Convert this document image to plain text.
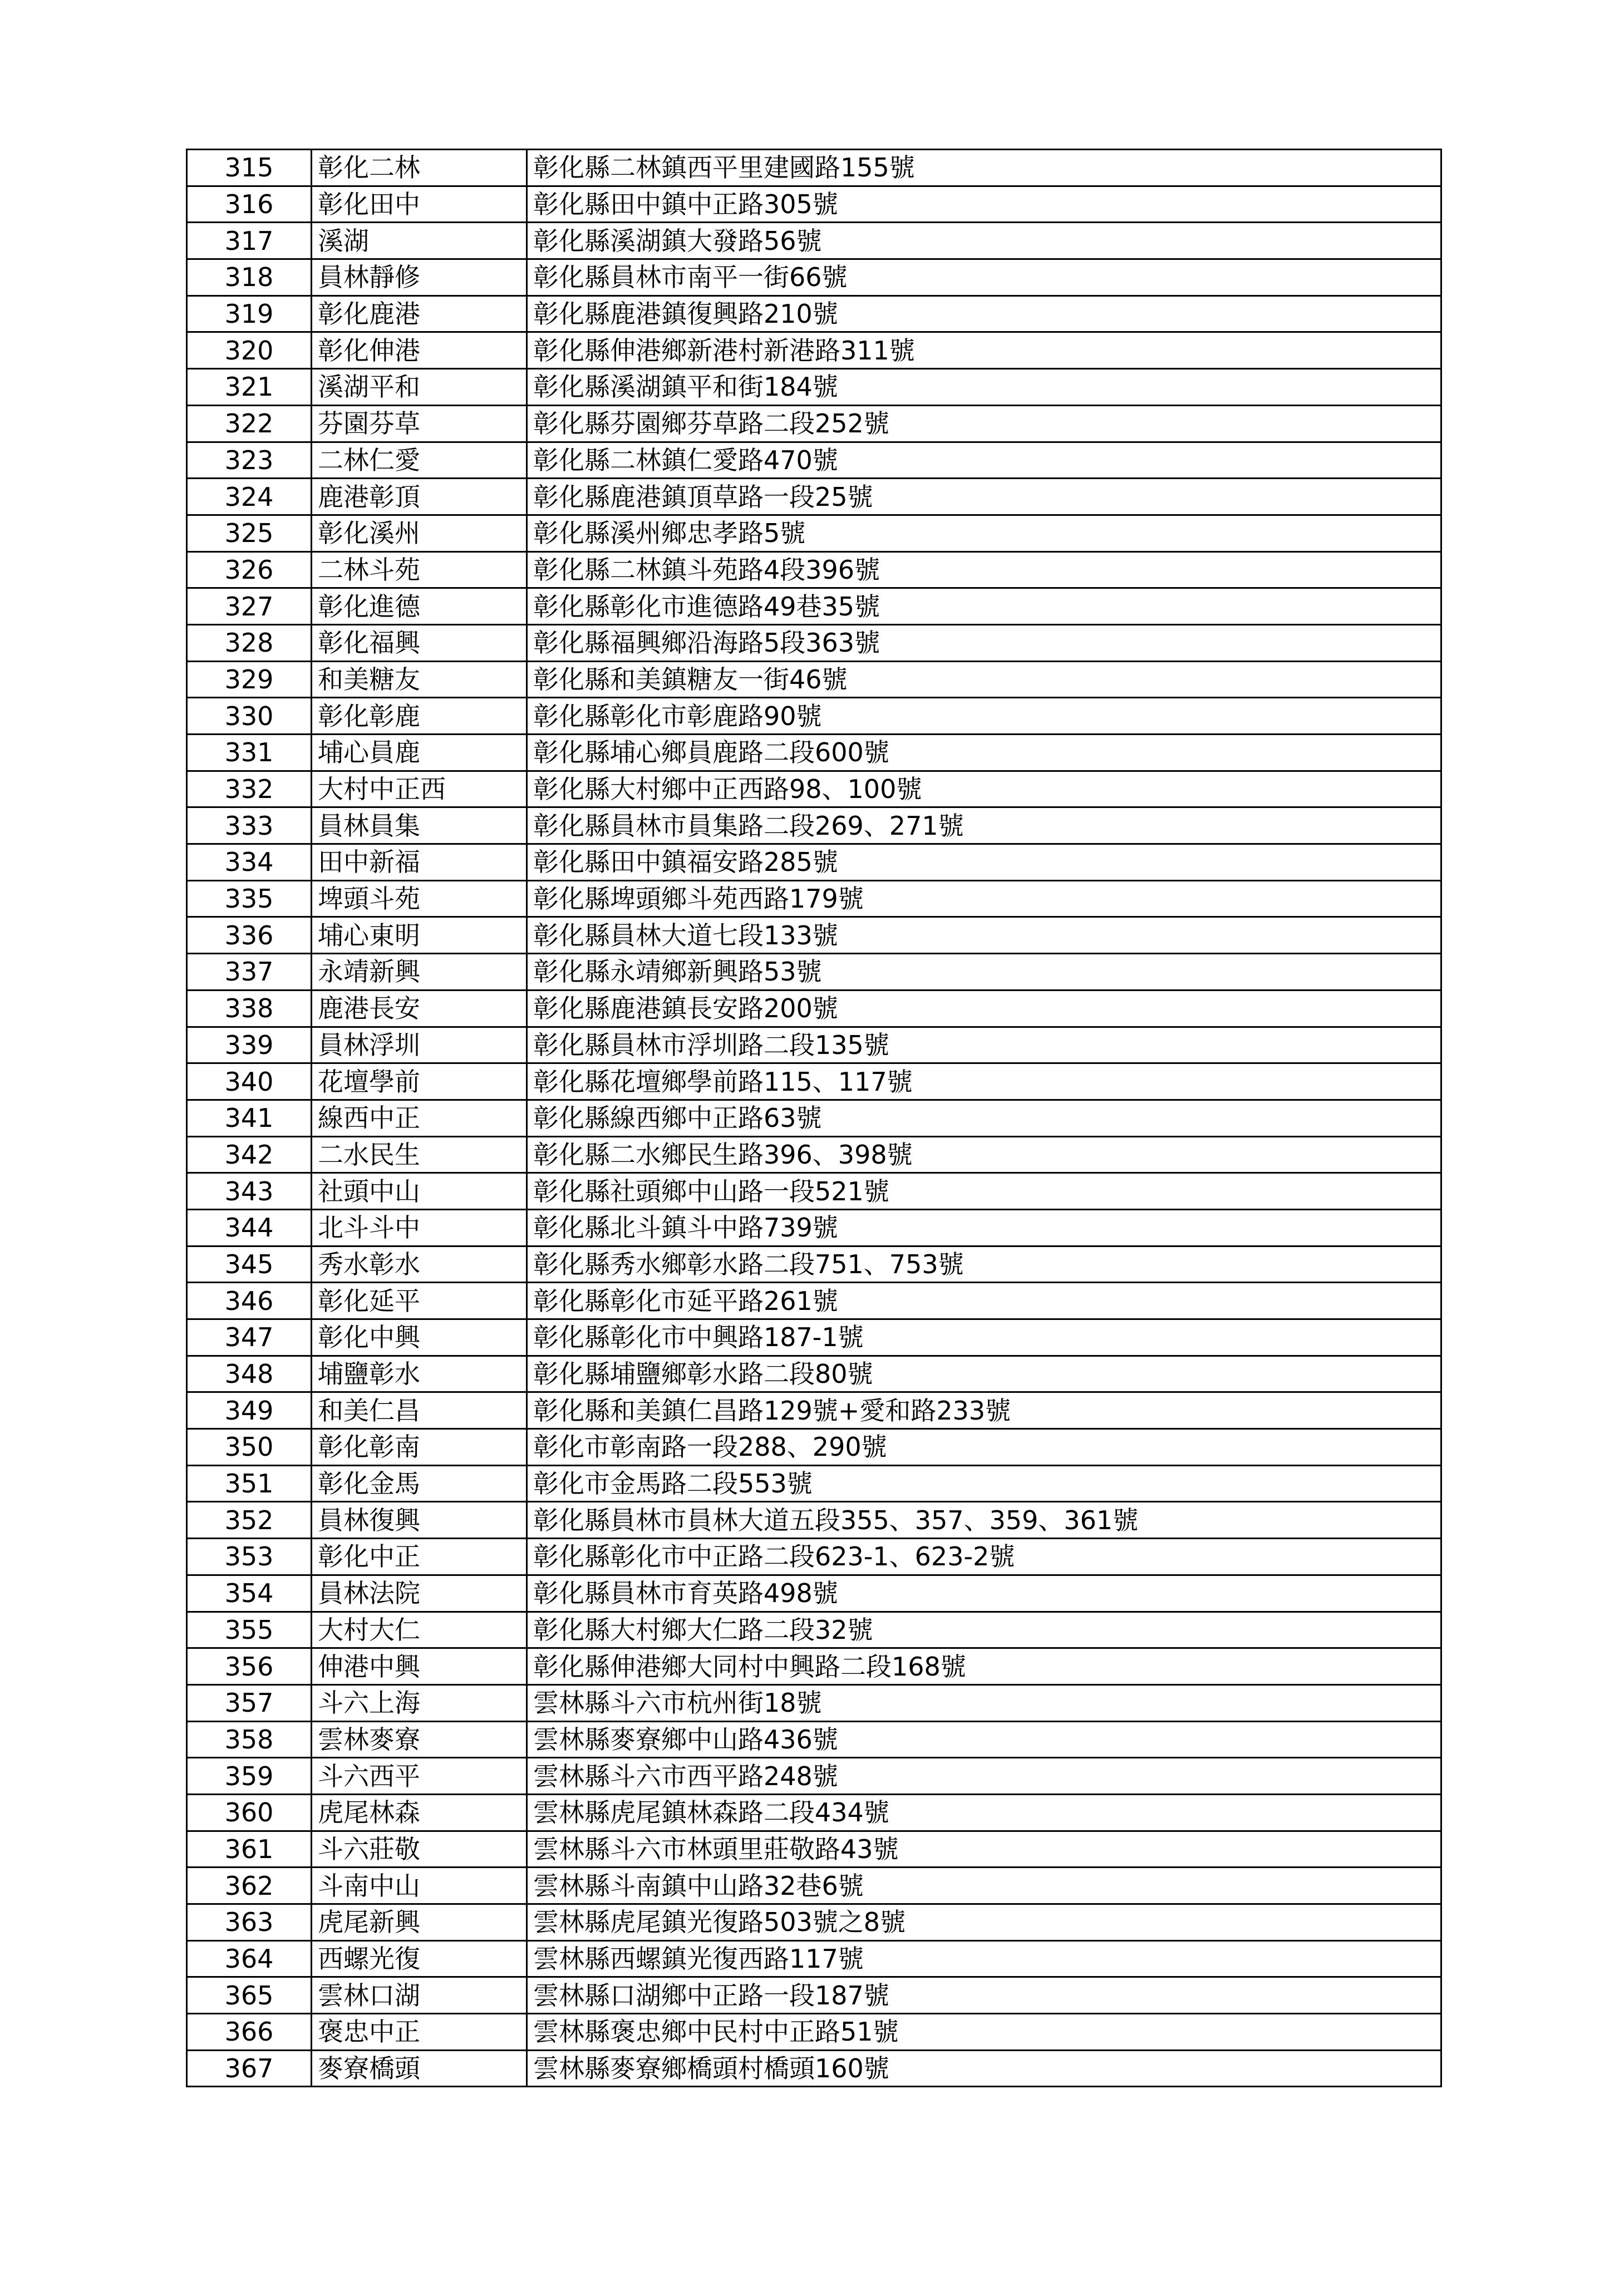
315	彰化二林	彰化縣二林鎮西平里建國路155號
316	彰化田中	彰化縣田中鎮中正路305號
317	溪湖	彰化縣溪湖鎮大發路56號
318	員林靜修	彰化縣員林市南平一街66號
319	彰化鹿港	彰化縣鹿港鎮復興路210號
320	彰化伸港	彰化縣伸港鄉新港村新港路311號
321	溪湖平和	彰化縣溪湖鎮平和街184號
322	芬園芬草	彰化縣芬園鄉芬草路二段252號
323	二林仁愛	彰化縣二林鎮仁愛路470號
324	鹿港彰頂	彰化縣鹿港鎮頂草路一段25號
325	彰化溪州	彰化縣溪州鄉忠孝路5號
326	二林斗苑	彰化縣二林鎮斗苑路4段396號
327	彰化進德	彰化縣彰化市進德路49巷35號
328	彰化福興	彰化縣福興鄉沿海路5段363號
329	和美糖友	彰化縣和美鎮糖友一街46號
330	彰化彰鹿	彰化縣彰化市彰鹿路90號
331	埔心員鹿	彰化縣埔心鄉員鹿路二段600號
332	大村中正西	彰化縣大村鄉中正西路98、100號
333	員林員集	彰化縣員林市員集路二段269、271號
334	田中新福	彰化縣田中鎮福安路285號
335	埤頭斗苑	彰化縣埤頭鄉斗苑西路179號
336	埔心東明	彰化縣員林大道七段133號
337	永靖新興	彰化縣永靖鄉新興路53號
338	鹿港長安	彰化縣鹿港鎮長安路200號
339	員林浮圳	彰化縣員林市浮圳路二段135號
340	花壇學前	彰化縣花壇鄉學前路115、117號
341	線西中正	彰化縣線西鄉中正路63號
342	二水民生	彰化縣二水鄉民生路396、398號
343	社頭中山	彰化縣社頭鄉中山路一段521號
344	北斗斗中	彰化縣北斗鎮斗中路739號
345	秀水彰水	彰化縣秀水鄉彰水路二段751、753號
346	彰化延平	彰化縣彰化市延平路261號
347	彰化中興	彰化縣彰化市中興路187-1號
348	埔鹽彰水	彰化縣埔鹽鄉彰水路二段80號
349	和美仁昌	彰化縣和美鎮仁昌路129號+愛和路233號
350	彰化彰南	彰化市彰南路一段288、290號
351	彰化金馬	彰化市金馬路二段553號
352	員林復興	彰化縣員林市員林大道五段355、357、359、361號
353	彰化中正	彰化縣彰化市中正路二段623-1、623-2號
354	員林法院	彰化縣員林市育英路498號
355	大村大仁	彰化縣大村鄉大仁路二段32號
356	伸港中興	彰化縣伸港鄉大同村中興路二段168號
357	斗六上海	雲林縣斗六市杭州街18號
358	雲林麥寮	雲林縣麥寮鄉中山路436號
359	斗六西平	雲林縣斗六市西平路248號
360	虎尾林森	雲林縣虎尾鎮林森路二段434號
361	斗六莊敬	雲林縣斗六市林頭里莊敬路43號
362	斗南中山	雲林縣斗南鎮中山路32巷6號
363	虎尾新興	雲林縣虎尾鎮光復路503號之8號
364	西螺光復	雲林縣西螺鎮光復西路117號
365	雲林口湖	雲林縣口湖鄉中正路一段187號
366	褒忠中正	雲林縣褒忠鄉中民村中正路51號
367	麥寮橋頭	雲林縣麥寮鄉橋頭村橋頭160號
